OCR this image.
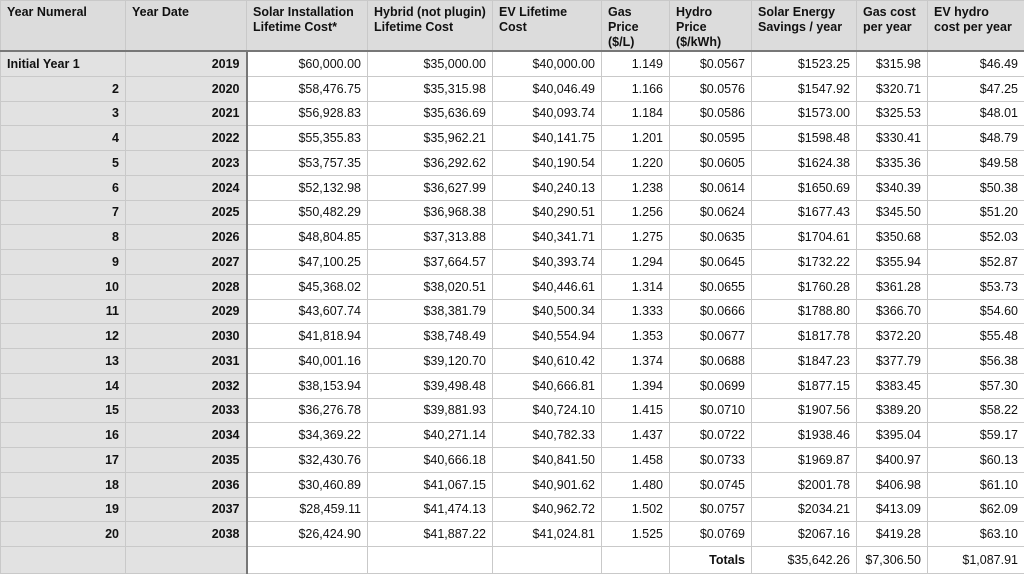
Year Numeral	Year Date	Solar Installation Lifetime Cost*	Hybrid (not plugin) Lifetime Cost	EV Lifetime Cost	Gas Price ($/L)	Hydro Price ($/kWh)	Solar Energy Savings / year	Gas cost per year	EV hydro cost per year
Initial Year 1	2019	$60,000.00	$35,000.00	$40,000.00	1.149	$0.0567	$1523.25	$315.98	$46.49
2	2020	$58,476.75	$35,315.98	$40,046.49	1.166	$0.0576	$1547.92	$320.71	$47.25
3	2021	$56,928.83	$35,636.69	$40,093.74	1.184	$0.0586	$1573.00	$325.53	$48.01
4	2022	$55,355.83	$35,962.21	$40,141.75	1.201	$0.0595	$1598.48	$330.41	$48.79
5	2023	$53,757.35	$36,292.62	$40,190.54	1.220	$0.0605	$1624.38	$335.36	$49.58
6	2024	$52,132.98	$36,627.99	$40,240.13	1.238	$0.0614	$1650.69	$340.39	$50.38
7	2025	$50,482.29	$36,968.38	$40,290.51	1.256	$0.0624	$1677.43	$345.50	$51.20
8	2026	$48,804.85	$37,313.88	$40,341.71	1.275	$0.0635	$1704.61	$350.68	$52.03
9	2027	$47,100.25	$37,664.57	$40,393.74	1.294	$0.0645	$1732.22	$355.94	$52.87
10	2028	$45,368.02	$38,020.51	$40,446.61	1.314	$0.0655	$1760.28	$361.28	$53.73
11	2029	$43,607.74	$38,381.79	$40,500.34	1.333	$0.0666	$1788.80	$366.70	$54.60
12	2030	$41,818.94	$38,748.49	$40,554.94	1.353	$0.0677	$1817.78	$372.20	$55.48
13	2031	$40,001.16	$39,120.70	$40,610.42	1.374	$0.0688	$1847.23	$377.79	$56.38
14	2032	$38,153.94	$39,498.48	$40,666.81	1.394	$0.0699	$1877.15	$383.45	$57.30
15	2033	$36,276.78	$39,881.93	$40,724.10	1.415	$0.0710	$1907.56	$389.20	$58.22
16	2034	$34,369.22	$40,271.14	$40,782.33	1.437	$0.0722	$1938.46	$395.04	$59.17
17	2035	$32,430.76	$40,666.18	$40,841.50	1.458	$0.0733	$1969.87	$400.97	$60.13
18	2036	$30,460.89	$41,067.15	$40,901.62	1.480	$0.0745	$2001.78	$406.98	$61.10
19	2037	$28,459.11	$41,474.13	$40,962.72	1.502	$0.0757	$2034.21	$413.09	$62.09
20	2038	$26,424.90	$41,887.22	$41,024.81	1.525	$0.0769	$2067.16	$419.28	$63.10
						Totals	$35,642.26	$7,306.50	$1,087.91
